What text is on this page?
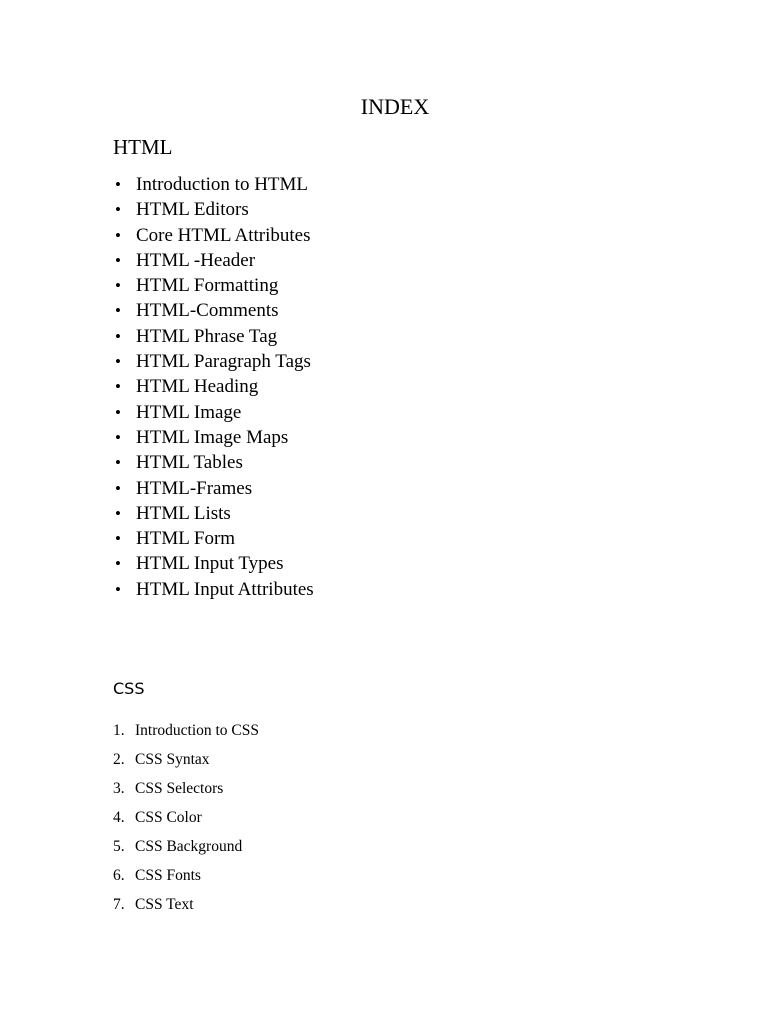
INDEX
HTML
• Introduction to HTML
• HTML Editors
• Core HTML Attributes
• HTML -Header
• HTML Formatting
• HTML-Comments
• HTML Phrase Tag
• HTML Paragraph Tags
• HTML Heading
• HTML Image
• HTML Image Maps
• HTML Tables
• HTML-Frames
• HTML Lists
• HTML Form
• HTML Input Types
• HTML Input Attributes
CSS
1. Introduction to CSS
2. CSS Syntax
3. CSS Selectors
4. CSS Color
5. CSS Background
6. CSS Fonts
7. CSS Text
